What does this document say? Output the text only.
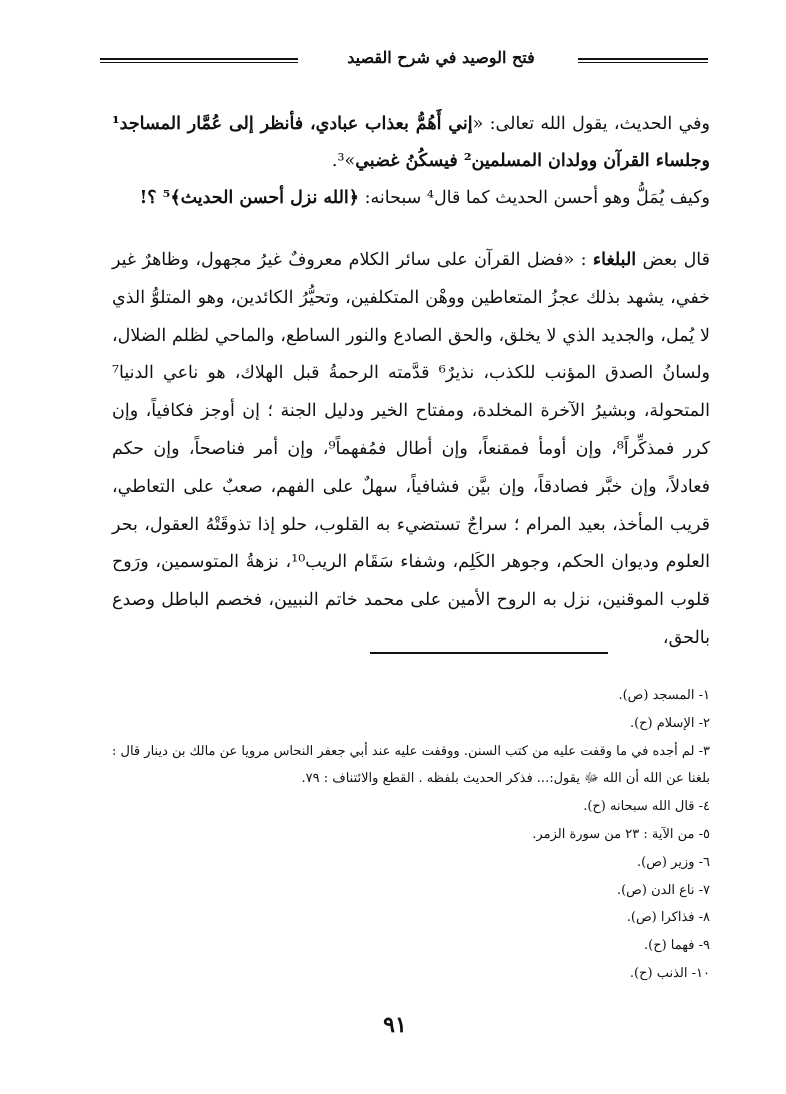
فتح الوصيد في شرح القصيد

وفي الحديث، يقول الله تعالى: «إني أَهُمُّ بعذاب عبادي، فأنظر إلى عُمَّار المساجد¹ وجلساء القرآن وولدان المسلمين² فيسكُنُ غضبي»³.

وكيف يُمَلُّ وهو أحسن الحديث كما قال⁴ سبحانه: ﴿الله نزل أحسن الحديث﴾⁵ ؟!

قال بعض البلغاء : «فضل القرآن على سائر الكلام معروفٌ غيرُ مجهول، وظاهرٌ غير خفي، يشهد بذلك عجزُ المتعاطين ووهْن المتكلفين، وتحيُّرُ الكائدين، وهو المتلوُّ الذي لا يُمل، والجديد الذي لا يخلق، والحق الصادع والنور الساطع، والماحي لظلم الضلال، ولسانُ الصدق المؤنب للكذب، نذيرٌ⁶ قدَّمته الرحمةُ قبل الهلاك، هو ناعي الدنيا⁷ المتحولة، وبشيرُ الآخرة المخلدة، ومفتاح الخير ودليل الجنة ؛ إن أوجز فكافياً، وإن كرر فمذكِّراً⁸، وإن أومأ فمقنعاً، وإن أطال فمُفهماً⁹، وإن أمر فناصحاً، وإن حكم فعادلاً، وإن خبَّر فصادقاً، وإن بيَّن فشافياً، سهلٌ على الفهم، صعبٌ على التعاطي، قريب المأخذ، بعيد المرام ؛ سراجٌ تستضيء به القلوب، حلو إذا تذوقَتْهُ العقول، بحر العلوم وديوان الحكم، وجوهر الكَلِم، وشفاء سَقَام الريب¹⁰، نزهةُ المتوسمين، ورَوح قلوب الموقنين، نزل به الروح الأمين على محمد خاتم النبيين، فخصم الباطل وصدع بالحق،

١- المسجد (ص).

٢- الإسلام (ح).

٣- لم أجده في ما وقفت عليه من كتب السنن. ووقفت عليه عند أبي جعفر النحاس مرويا عن مالك بن دينار قال : بلغنا عن الله أن الله ﷻ يقول:... فذكر الحديث بلفظه . القطع والائتناف : ٧٩.

٤- قال الله سبحانه (ح).

٥- من الآية : ٢٣ من سورة الزمر.

٦- وزير (ص).

٧- ناع الدن (ص).

٨- فذاكرا (ص).

٩- فهما (ح).

١٠- الذنب (ح).

٩١
